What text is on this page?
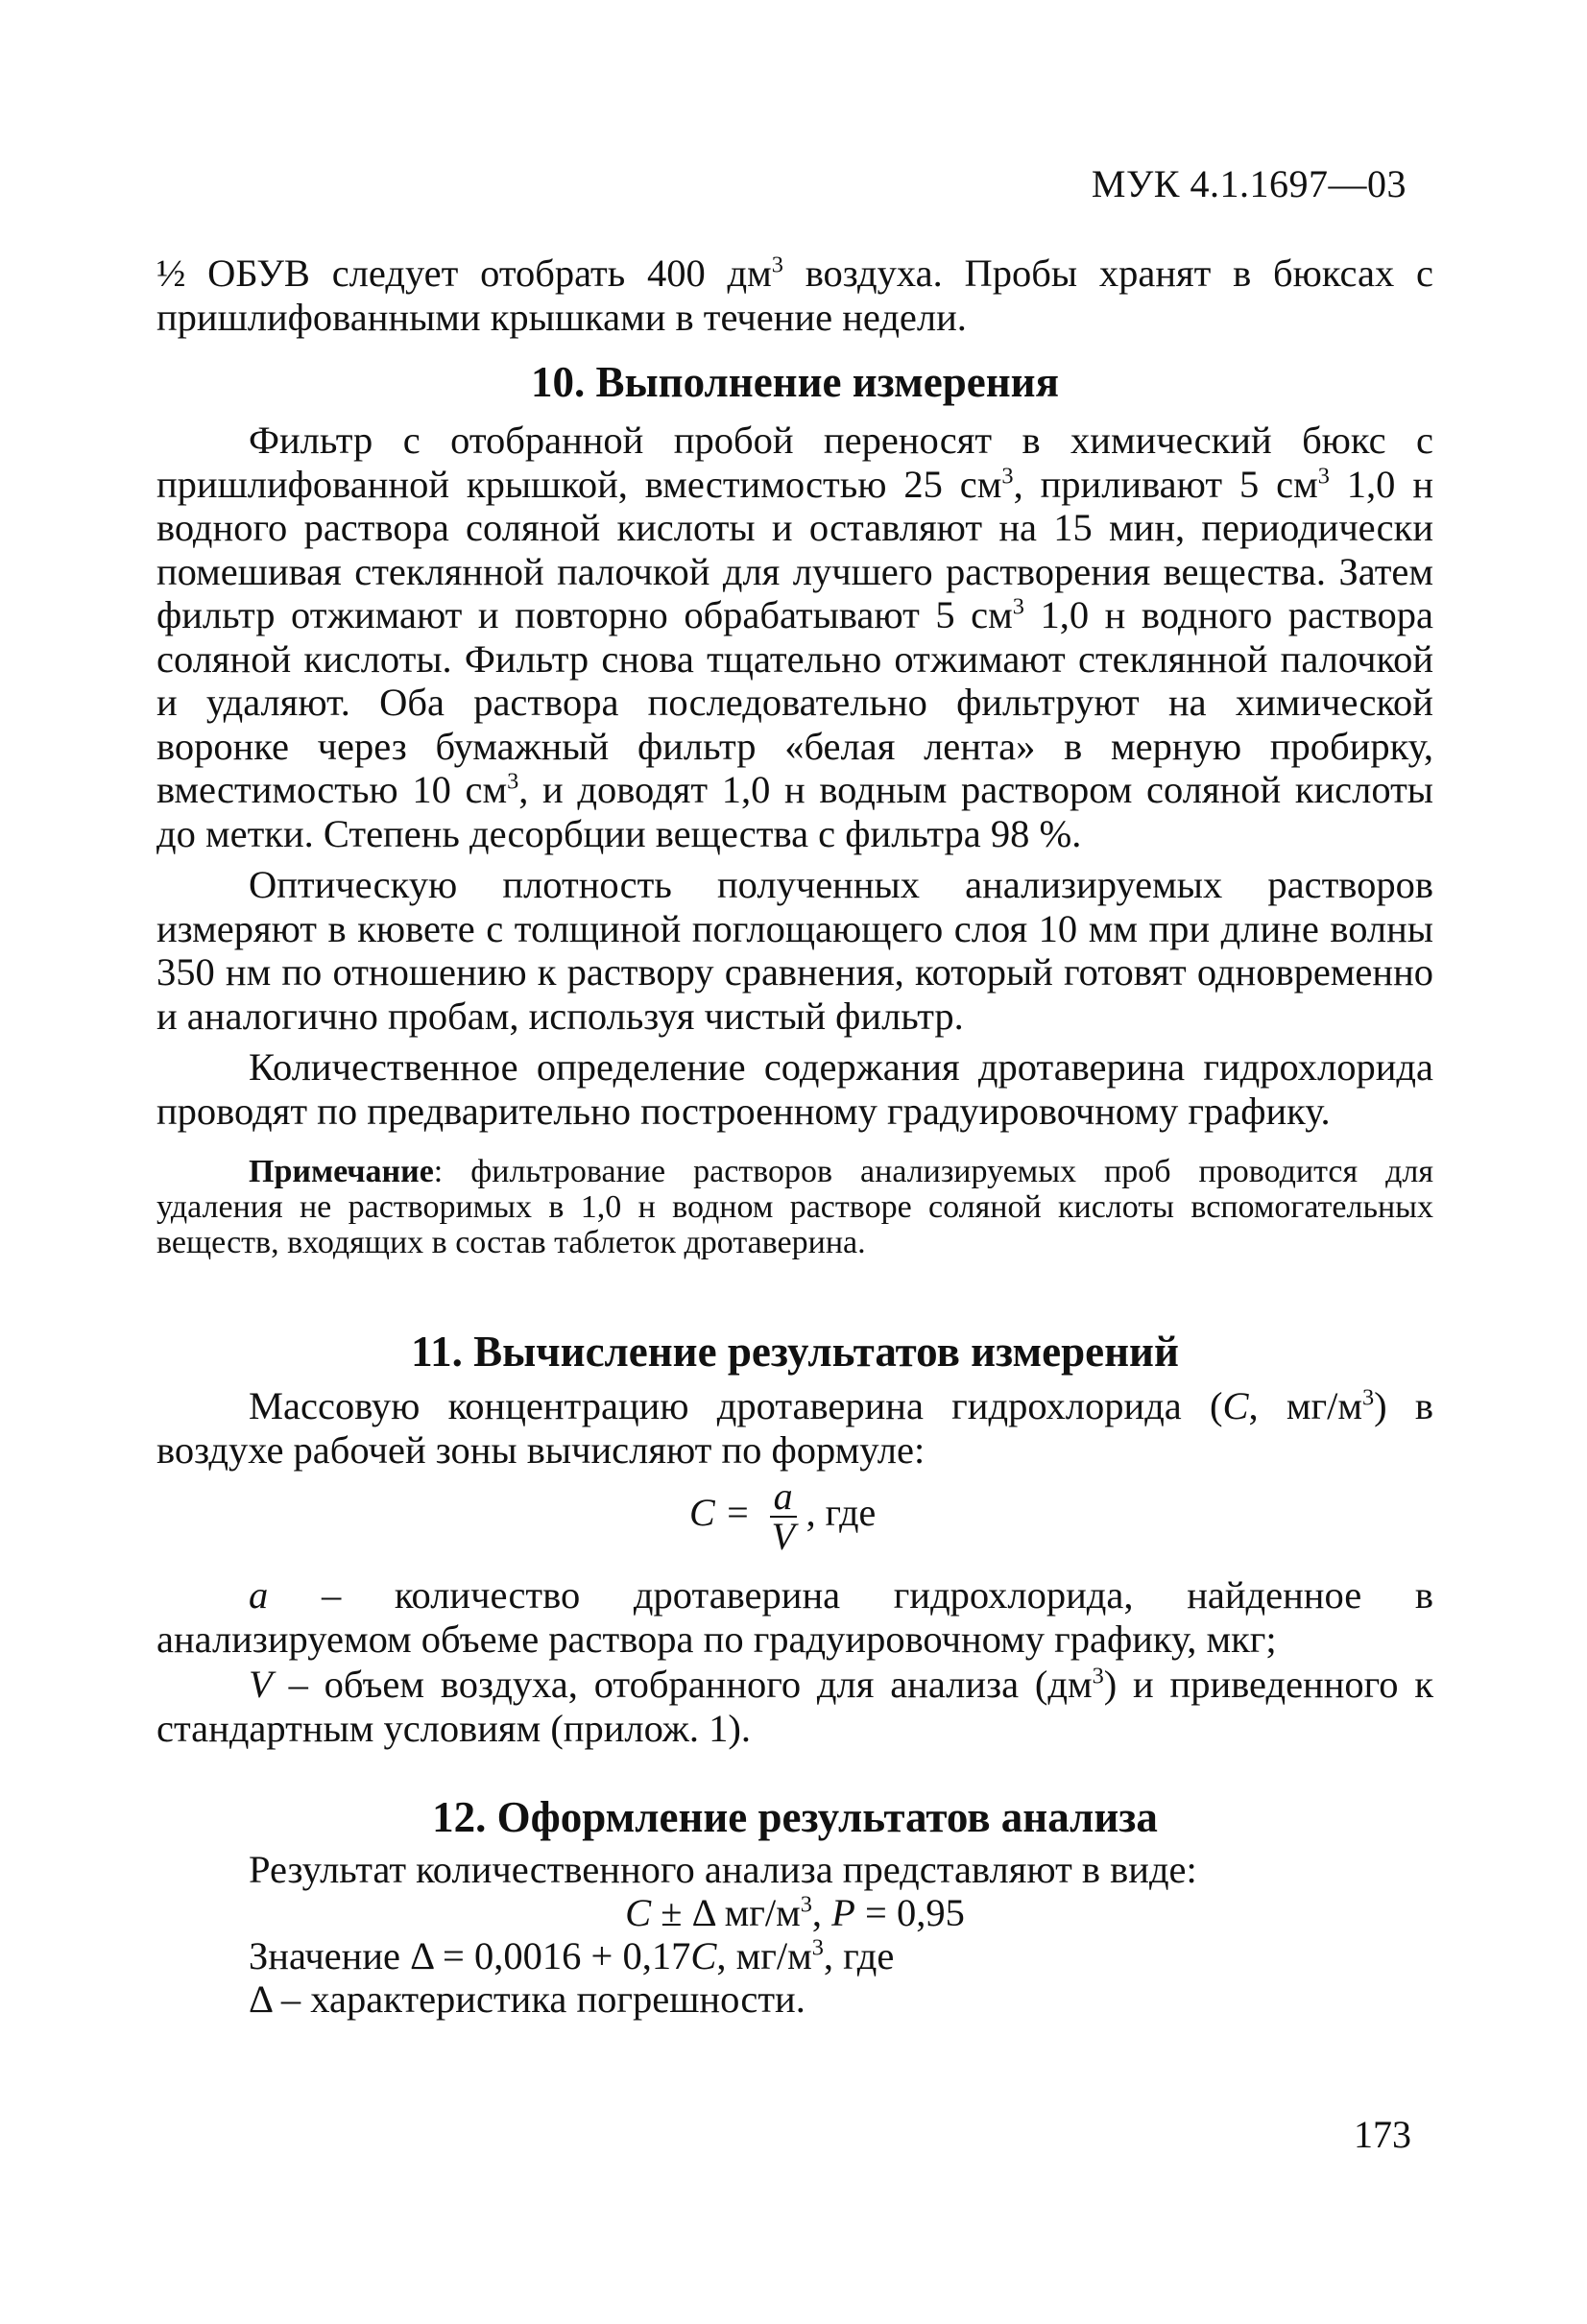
МУК 4.1.1697—03

½ ОБУВ следует отобрать 400 $дм^3$ воздуха. Пробы хранят в бюксах с пришлифованными крышками в течение недели.

10. Выполнение измерения

Фильтр с отобранной пробой переносят в химический бюкс с пришлифованной крышкой, вместимостью 25 $см^3$, приливают 5 $см^3$ 1,0 н водного раствора соляной кислоты и оставляют на 15 мин, периодически помешивая стеклянной палочкой для лучшего растворения вещества. Затем фильтр отжимают и повторно обрабатывают 5 $см^3$ 1,0 н водного раствора соляной кислоты. Фильтр снова тщательно отжимают стеклянной палочкой и удаляют. Оба раствора последовательно фильтруют на химической воронке через бумажный фильтр «белая лента» в мерную пробирку, вместимостью 10 $см^3$, и доводят 1,0 н водным раствором соляной кислоты до метки. Степень десорбции вещества с фильтра 98 %.

Оптическую плотность полученных анализируемых растворов измеряют в кювете с толщиной поглощающего слоя 10 мм при длине волны 350 нм по отношению к раствору сравнения, который готовят одновременно и аналогично пробам, используя чистый фильтр.

Количественное определение содержания дротаверина гидрохлорида проводят по предварительно построенному градуировочному графику.

Примечание: фильтрование растворов анализируемых проб проводится для удаления не растворимых в 1,0 н водном растворе соляной кислоты вспомогательных веществ, входящих в состав таблеток дротаверина.

11. Вычисление результатов измерений

Массовую концентрацию дротаверина гидрохлорида (С, $мг/м^3$) в воздухе рабочей зоны вычисляют по формуле:

$С = \frac{а}{V}$ , где

а – количество дротаверина гидрохлорида, найденное в анализируемом объеме раствора по градуировочному графику, мкг;

V – объем воздуха, отобранного для анализа $(дм^3)$ и приведенного к стандартным условиям (прилож. 1).

12. Оформление результатов анализа

Результат количественного анализа представляют в виде:

С ± Δ $мг/м^3$, Р = 0,95

Значение Δ = 0,0016 + 0,17С, $мг/м^3$, где

Δ – характеристика погрешности.

173
